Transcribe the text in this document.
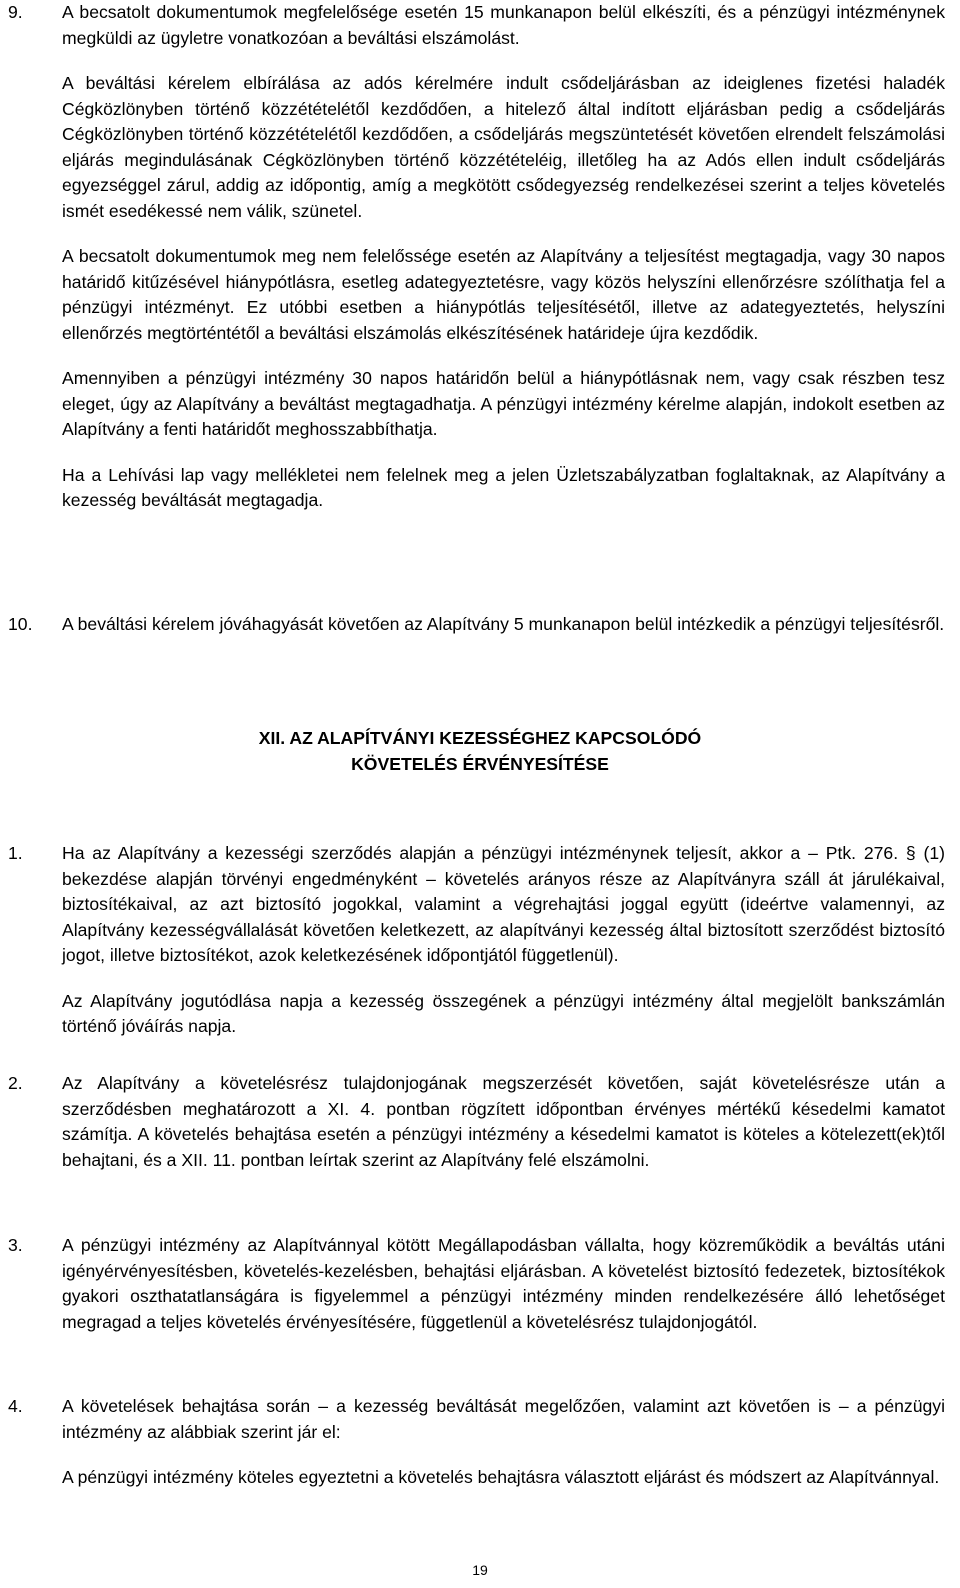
9.	A becsatolt dokumentumok megfelelősége esetén 15 munkanapon belül elkészíti, és a pénzügyi intézménynek megküldi az ügyletre vonatkozóan a beváltási elszámolást.

A beváltási kérelem elbírálása az adós kérelmére indult csődeljárásban az ideiglenes fizetési haladék Cégközlönyben történő közzétételétől kezdődően, a hitelező által indított eljárásban pedig a csődeljárás Cégközlönyben történő közzétételétől kezdődően, a csődeljárás megszüntetését követően elrendelt felszámolási eljárás megindulásának Cégközlönyben történő közzétételéig, illetőleg ha az Adós ellen indult csődeljárás egyezséggel zárul, addig az időpontig, amíg a megkötött csődegyezség rendelkezései szerint a teljes követelés ismét esedékessé nem válik, szünetel.

A becsatolt dokumentumok meg nem felelőssége esetén az Alapítvány a teljesítést megtagadja, vagy 30 napos határidő kitűzésével hiánypótlásra, esetleg adategyeztetésre, vagy közös helyszíni ellenőrzésre szólíthatja fel a pénzügyi intézményt. Ez utóbbi esetben a hiánypótlás teljesítésétől, illetve az adategyeztetés, helyszíni ellenőrzés megtörténtétől a beváltási elszámolás elkészítésének határideje újra kezdődik.

Amennyiben a pénzügyi intézmény 30 napos határidőn belül a hiánypótlásnak nem, vagy csak részben tesz eleget, úgy az Alapítvány a beváltást megtagadhatja. A pénzügyi intézmény kérelme alapján, indokolt esetben az Alapítvány a fenti határidőt meghosszabbíthatja.

Ha a Lehívási lap vagy mellékletei nem felelnek meg a jelen Üzletszabályzatban foglaltaknak, az Alapítvány a kezesség beváltását megtagadja.

10.	A beváltási kérelem jóváhagyását követően az Alapítvány 5 munkanapon belül intézkedik a pénzügyi teljesítésről.

XII. AZ ALAPÍTVÁNYI KEZESSÉGHEZ KAPCSOLÓDÓ
KÖVETELÉS ÉRVÉNYESÍTÉSE
1.	Ha az Alapítvány a kezességi szerződés alapján a pénzügyi intézménynek teljesít, akkor a – Ptk. 276. § (1) bekezdése alapján törvényi engedményként – követelés arányos része az Alapítványra száll át járulékaival, biztosítékaival, az azt biztosító jogokkal, valamint a végrehajtási joggal együtt (ideértve valamennyi, az Alapítvány kezességvállalását követően keletkezett, az alapítványi kezesség által biztosított szerződést biztosító jogot, illetve biztosítékot, azok keletkezésének időpontjától függetlenül).

Az Alapítvány jogutódlása napja a kezesség összegének a pénzügyi intézmény által megjelölt bankszámlán történő jóváírás napja.

2.	Az Alapítvány a követelésrész tulajdonjogának megszerzését követően, saját követelésrésze után a szerződésben meghatározott a XI. 4. pontban rögzített időpontban érvényes mértékű késedelmi kamatot számítja. A követelés behajtása esetén a pénzügyi intézmény a késedelmi kamatot is köteles a kötelezett(ek)től behajtani, és a XII. 11. pontban leírtak szerint az Alapítvány felé elszámolni.

3.	A pénzügyi intézmény az Alapítvánnyal kötött Megállapodásban vállalta, hogy közreműködik a beváltás utáni igényérvényesítésben, követelés-kezelésben, behajtási eljárásban. A követelést biztosító fedezetek, biztosítékok gyakori oszthatatlanságára is figyelemmel a pénzügyi intézmény minden rendelkezésére álló lehetőséget megragad a teljes követelés érvényesítésére, függetlenül a követelésrész tulajdonjogától.

4.	A követelések behajtása során – a kezesség beváltását megelőzően, valamint azt követően is – a pénzügyi intézmény az alábbiak szerint jár el:

A pénzügyi intézmény köteles egyeztetni a követelés behajtásra választott eljárást és módszert az Alapítvánnyal.

19
